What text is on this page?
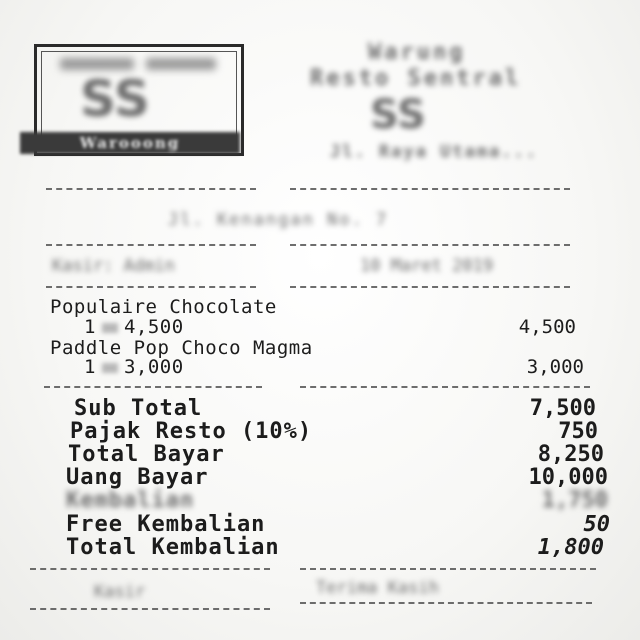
SS
Warooong
Warung
Resto Sentral
SS
Jl. Raya Utama...
Jl. Kenangan No. 7
Kasir: Admin	10 Maret 2019
Populaire Chocolate
1 4,500	4,500
Paddle Pop Choco Magma
1 3,000	3,000
Sub Total	7,500
Pajak Resto (10%)	750
Total Bayar	8,250
Uang Bayar	10,000
Kembalian	1,750
Free Kembalian	50
Total Kembalian	1,800
Kasir	Terima Kasih
